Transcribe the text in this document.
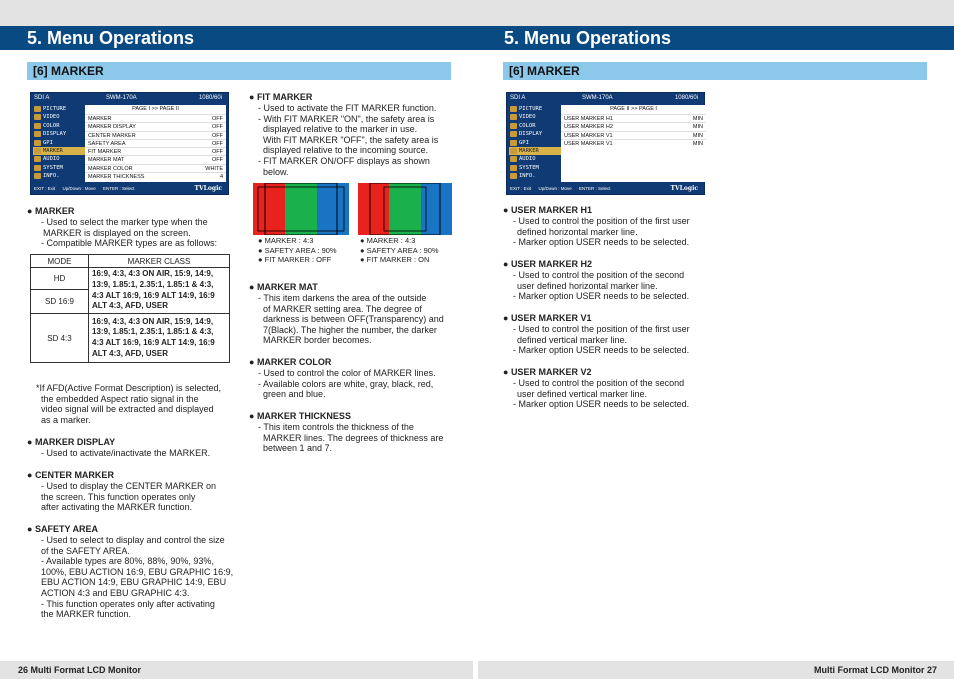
5. Menu Operations	5. Menu Operations
[6] MARKER	[6] MARKER
SDI A	SWM-170A	1080/60i
PICTURE
VIDEO
COLOR
DISPLAY
GPI
MARKER
AUDIO
SYSTEM
INFO.
PAGE I >> PAGE II
MARKER	OFF
MARKER DISPLAY	OFF
CENTER MARKER	OFF
SAFETY AREA	OFF
FIT MARKER	OFF
MARKER MAT	OFF
MARKER COLOR	WHITE
MARKER THICKNESS	4
EXIT : Exit Up/Down : Move ENTER : Select	TVLogic
● MARKER
- Used to select the marker type when the
MARKER is displayed on the screen.
- Compatible MARKER types are as follows:
MODE	MARKER CLASS
HD	16:9, 4:3, 4:3 ON AIR, 15:9, 14:9, 13:9, 1.85:1, 2.35:1, 1.85:1 & 4:3, 4:3 ALT 16:9, 16:9 ALT 14:9, 16:9 ALT 4:3, AFD, USER
SD 16:9	
SD 4:3	16:9, 4:3, 4:3 ON AIR, 15:9, 14:9, 13:9, 1.85:1, 2.35:1, 1.85:1 & 4:3, 4:3 ALT 16:9, 16:9 ALT 14:9, 16:9 ALT 4:3, AFD, USER
*If AFD(Active Format Description) is selected,
the embedded Aspect ratio signal in the
video signal will be extracted and displayed
as a marker.
● MARKER DISPLAY
- Used to activate/inactivate the MARKER.
● CENTER MARKER
- Used to display the CENTER MARKER on
the screen. This function operates only
after activating the MARKER function.
● SAFETY AREA
- Used to select to display and control the size
of the SAFETY AREA.
- Available types are 80%, 88%, 90%, 93%,
100%, EBU ACTION 16:9, EBU GRAPHIC 16:9,
EBU ACTION 14:9, EBU GRAPHIC 14:9, EBU
ACTION 4:3 and EBU GRAPHIC 4:3.
- This function operates only after activating
the MARKER function.
● FIT MARKER
- Used to activate the FIT MARKER function.
- With FIT MARKER "ON", the safety area is
displayed relative to the marker in use.
With FIT MARKER "OFF", the safety area is
displayed relative to the incoming source.
- FIT MARKER ON/OFF displays as shown
below.
● MARKER : 4:3
● SAFETY AREA : 90%
● FIT MARKER : OFF
● MARKER : 4:3
● SAFETY AREA : 90%
● FIT MARKER : ON
● MARKER MAT
- This item darkens the area of the outside
of MARKER setting area. The degree of
darkness is between OFF(Transparency) and
7(Black). The higher the number, the darker
MARKER border becomes.
● MARKER COLOR
- Used to control the color of MARKER lines.
- Available colors are white, gray, black, red,
green and blue.
● MARKER THICKNESS
- This item controls the thickness of the
MARKER lines. The degrees of thickness are
between 1 and 7.
SDI A	SWM-170A	1080/60i
PICTURE
VIDEO
COLOR
DISPLAY
GPI
MARKER
AUDIO
SYSTEM
INFO.
PAGE II >> PAGE I
USER MARKER H1	MIN
USER MARKER H2	MIN
USER MARKER V1	MIN
USER MARKER V1	MIN
EXIT : Exit Up/Down : Move ENTER : Select	TVLogic
● USER MARKER H1
- Used to control the position of the first user
defined horizontal marker line.
- Marker option USER needs to be selected.
● USER MARKER H2
- Used to control the position of the second
user defined horizontal marker line.
- Marker option USER needs to be selected.
● USER MARKER V1
- Used to control the position of the first user
defined vertical marker line.
- Marker option USER needs to be selected.
● USER MARKER V2
- Used to control the position of the second
user defined vertical marker line.
- Marker option USER needs to be selected.
26 Multi Format LCD Monitor	Multi Format LCD Monitor 27
